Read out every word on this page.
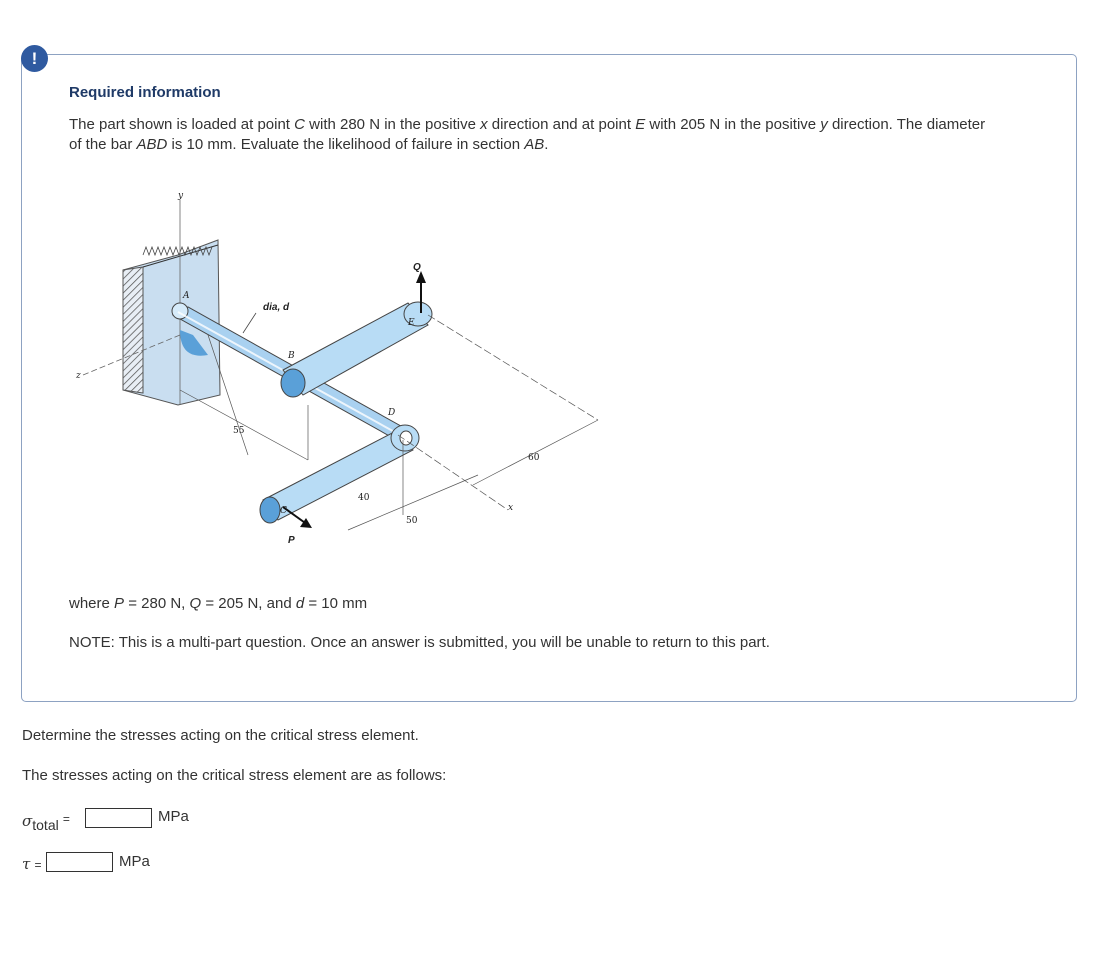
!
Required information
The part shown is loaded at point C with 280 N in the positive x direction and at point E with 205 N in the positive y direction. The diameter of the bar ABD is 10 mm. Evaluate the likelihood of failure in section AB.
y
z
Q
P
A
B
C
D
E
x
dia, d
55
40
50
60
where P = 280 N, Q = 205 N, and d = 10 mm
NOTE: This is a multi-part question. Once an answer is submitted, you will be unable to return to this part.
Determine the stresses acting on the critical stress element.
The stresses acting on the critical stress element are as follows:
σtotal =	MPa
τ =	MPa
